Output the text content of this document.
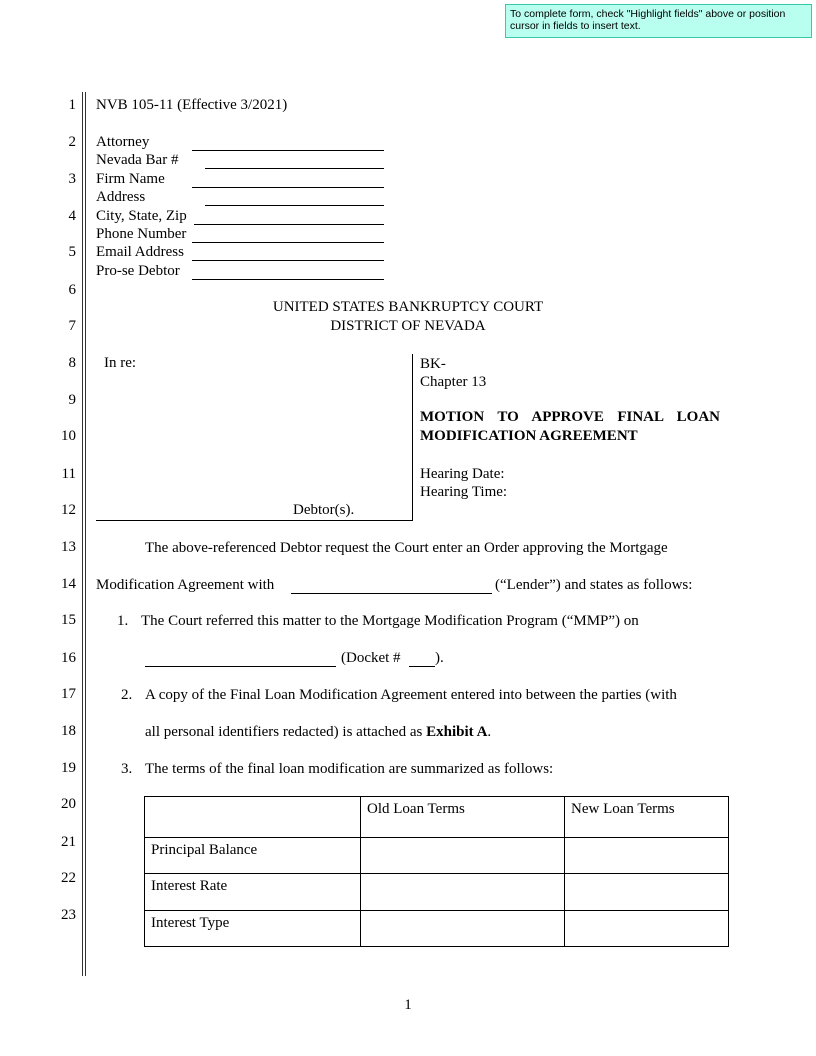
To complete form, check "Highlight fields" above or position cursor in fields to insert text.
1
2
3
4
5
6
7
8
9
10
11
12
13
14
15
16
17
18
19
20
21
22
23
NVB 105-11 (Effective 3/2021)
Attorney
Nevada Bar #
Firm Name
Address
City, State, Zip
Phone Number
Email Address
Pro-se Debtor
UNITED STATES BANKRUPTCY COURT
DISTRICT OF NEVADA
In re:
Debtor(s).
BK-
Chapter 13
MOTION TO APPROVE FINAL LOAN
MODIFICATION AGREEMENT
Hearing Date:
Hearing Time:
The above-referenced Debtor request the Court enter an Order approving the Mortgage
Modification Agreement with	(“Lender”) and states as follows:
1. The Court referred this matter to the Mortgage Modification Program (“MMP”) on
(Docket # ).
2. A copy of the Final Loan Modification Agreement entered into between the parties (with
all personal identifiers redacted) is attached as Exhibit A.
3. The terms of the final loan modification are summarized as follows:
	Old Loan Terms	New Loan Terms
Principal Balance		
Interest Rate		
Interest Type		
1
